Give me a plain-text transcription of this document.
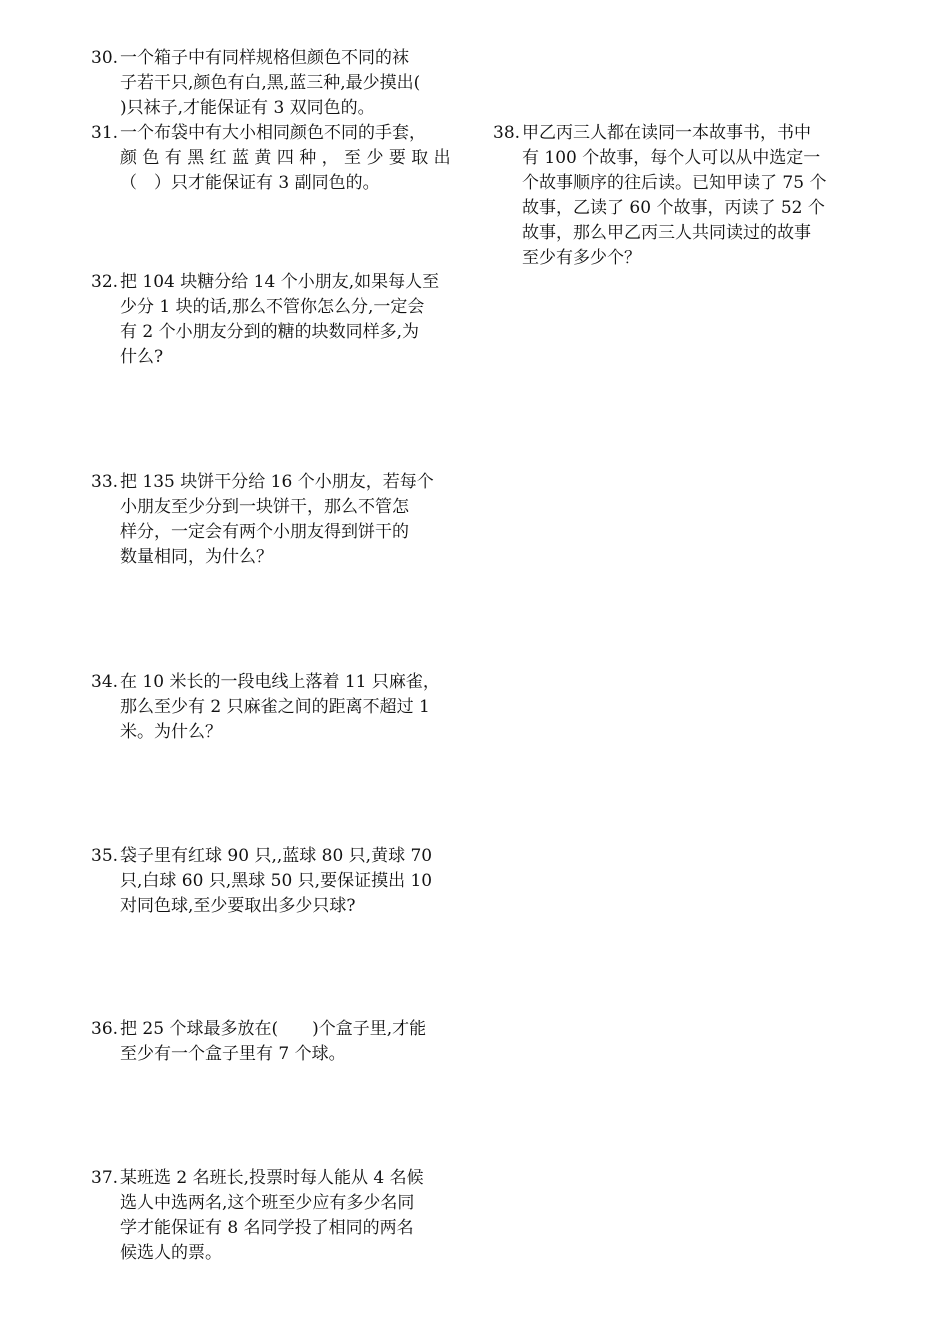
30. 一个箱子中有同样规格但颜色不同的袜
子若干只,颜色有白,黑,蓝三种,最少摸出(
)只袜子,才能保证有 3 双同色的。
31. 一个布袋中有大小相同颜色不同的手套，
颜 色 有 黑 红 蓝 黄 四 种 ， 至 少 要 取 出
（　）只才能保证有 3 副同色的。
32. 把 104 块糖分给 14 个小朋友,如果每人至
少分 1 块的话,那么不管你怎么分,一定会
有 2 个小朋友分到的糖的块数同样多,为
什么?
33. 把 135 块饼干分给 16 个小朋友，若每个
小朋友至少分到一块饼干，那么不管怎
样分，一定会有两个小朋友得到饼干的
数量相同，为什么？
34. 在 10 米长的一段电线上落着 11 只麻雀，
那么至少有 2 只麻雀之间的距离不超过 1
米。为什么？
35. 袋子里有红球 90 只,,蓝球 80 只,黄球 70
只,白球 60 只,黑球 50 只,要保证摸出 10
对同色球,至少要取出多少只球?
36. 把 25 个球最多放在(　　)个盒子里,才能
至少有一个盒子里有 7 个球。
37. 某班选 2 名班长,投票时每人能从 4 名候
选人中选两名,这个班至少应有多少名同
学才能保证有 8 名同学投了相同的两名
候选人的票。
38. 甲乙丙三人都在读同一本故事书，书中
有 100 个故事，每个人可以从中选定一
个故事顺序的往后读。已知甲读了 75 个
故事，乙读了 60 个故事，丙读了 52 个
故事，那么甲乙丙三人共同读过的故事
至少有多少个？
